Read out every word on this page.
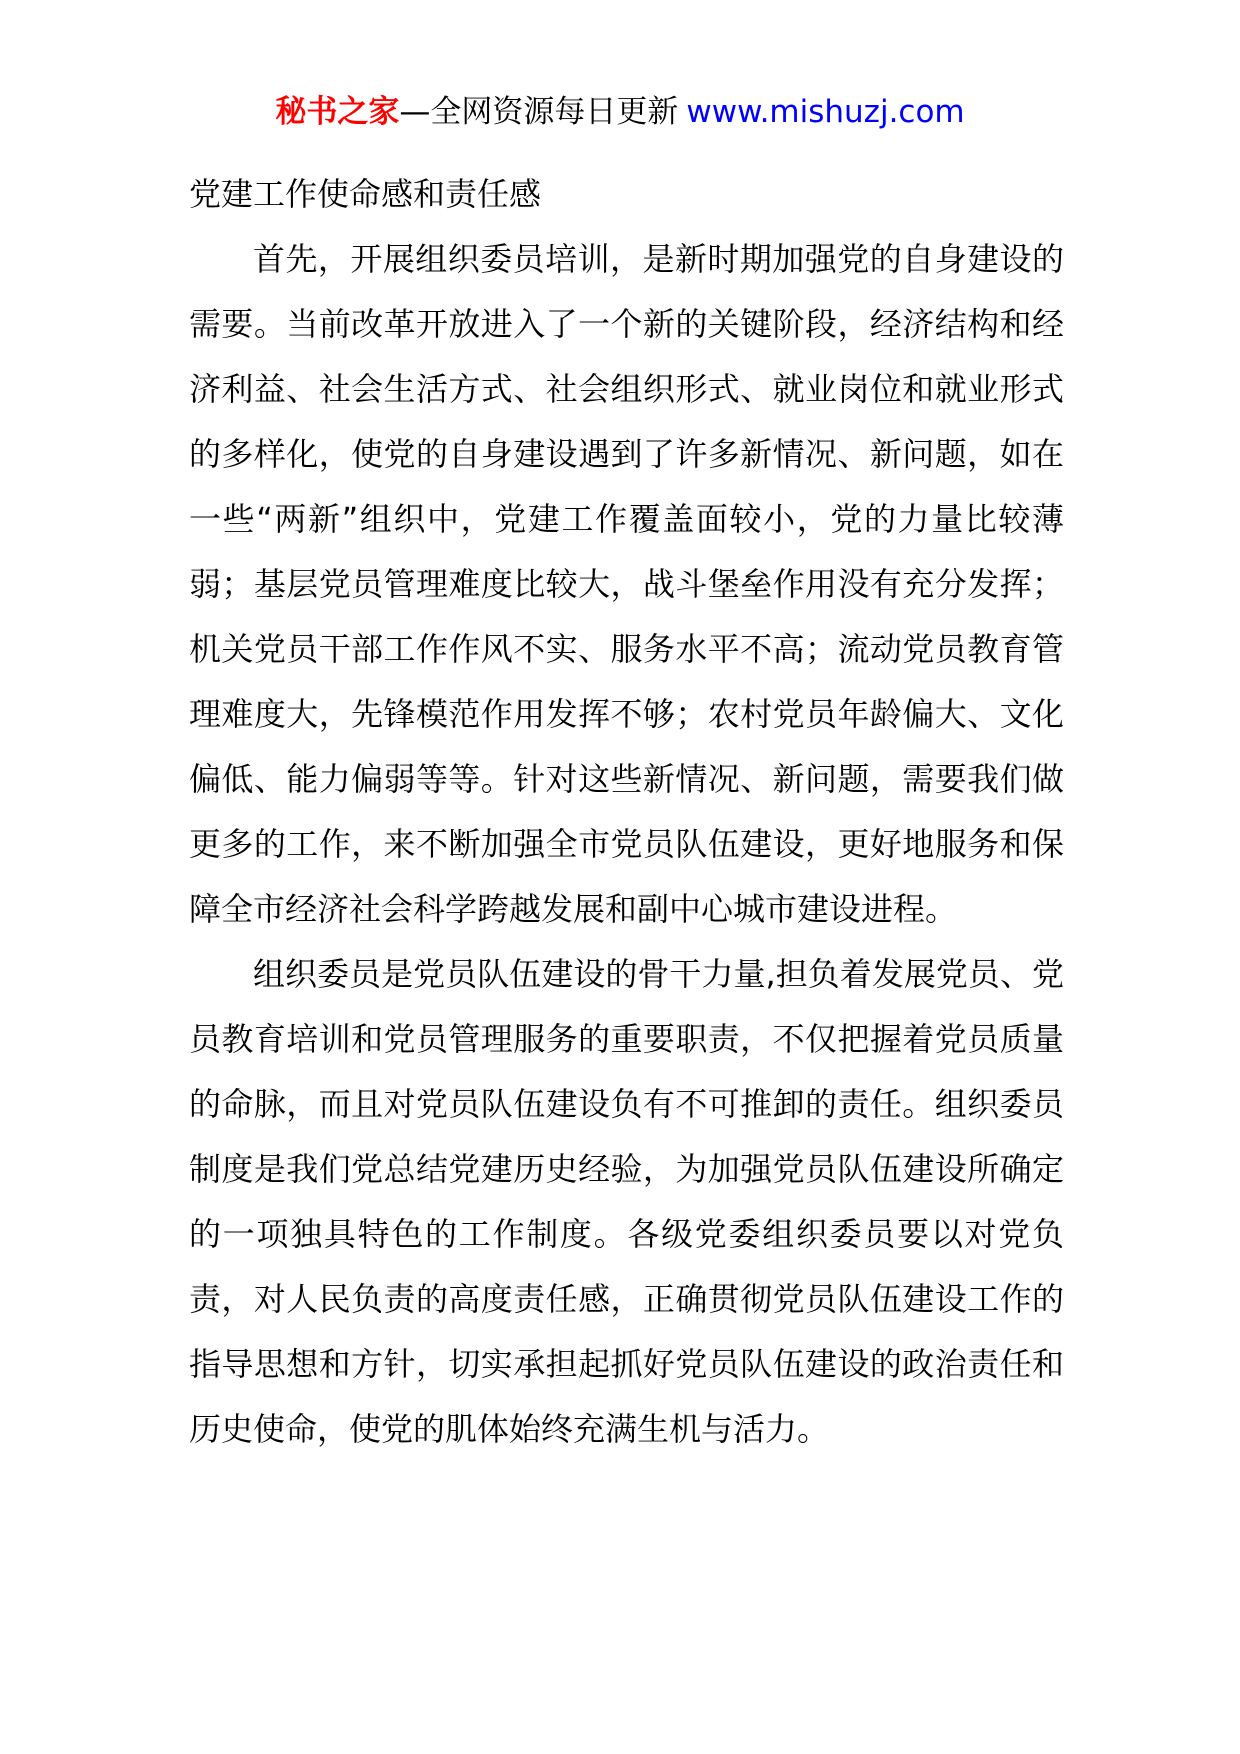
秘书之家—全网资源每日更新 www.mishuzj.com

党建工作使命感和责任感

首先，开展组织委员培训，是新时期加强党的自身建设的需要。当前改革开放进入了一个新的关键阶段，经济结构和经济利益、社会生活方式、社会组织形式、就业岗位和就业形式的多样化，使党的自身建设遇到了许多新情况、新问题，如在一些“两新”组织中，党建工作覆盖面较小，党的力量比较薄弱；基层党员管理难度比较大，战斗堡垒作用没有充分发挥；机关党员干部工作作风不实、服务水平不高；流动党员教育管理难度大，先锋模范作用发挥不够；农村党员年龄偏大、文化偏低、能力偏弱等等。针对这些新情况、新问题，需要我们做更多的工作，来不断加强全市党员队伍建设，更好地服务和保障全市经济社会科学跨越发展和副中心城市建设进程。

组织委员是党员队伍建设的骨干力量,担负着发展党员、党员教育培训和党员管理服务的重要职责，不仅把握着党员质量的命脉，而且对党员队伍建设负有不可推卸的责任。组织委员制度是我们党总结党建历史经验，为加强党员队伍建设所确定的一项独具特色的工作制度。各级党委组织委员要以对党负责，对人民负责的高度责任感，正确贯彻党员队伍建设工作的指导思想和方针，切实承担起抓好党员队伍建设的政治责任和历史使命，使党的肌体始终充满生机与活力。
